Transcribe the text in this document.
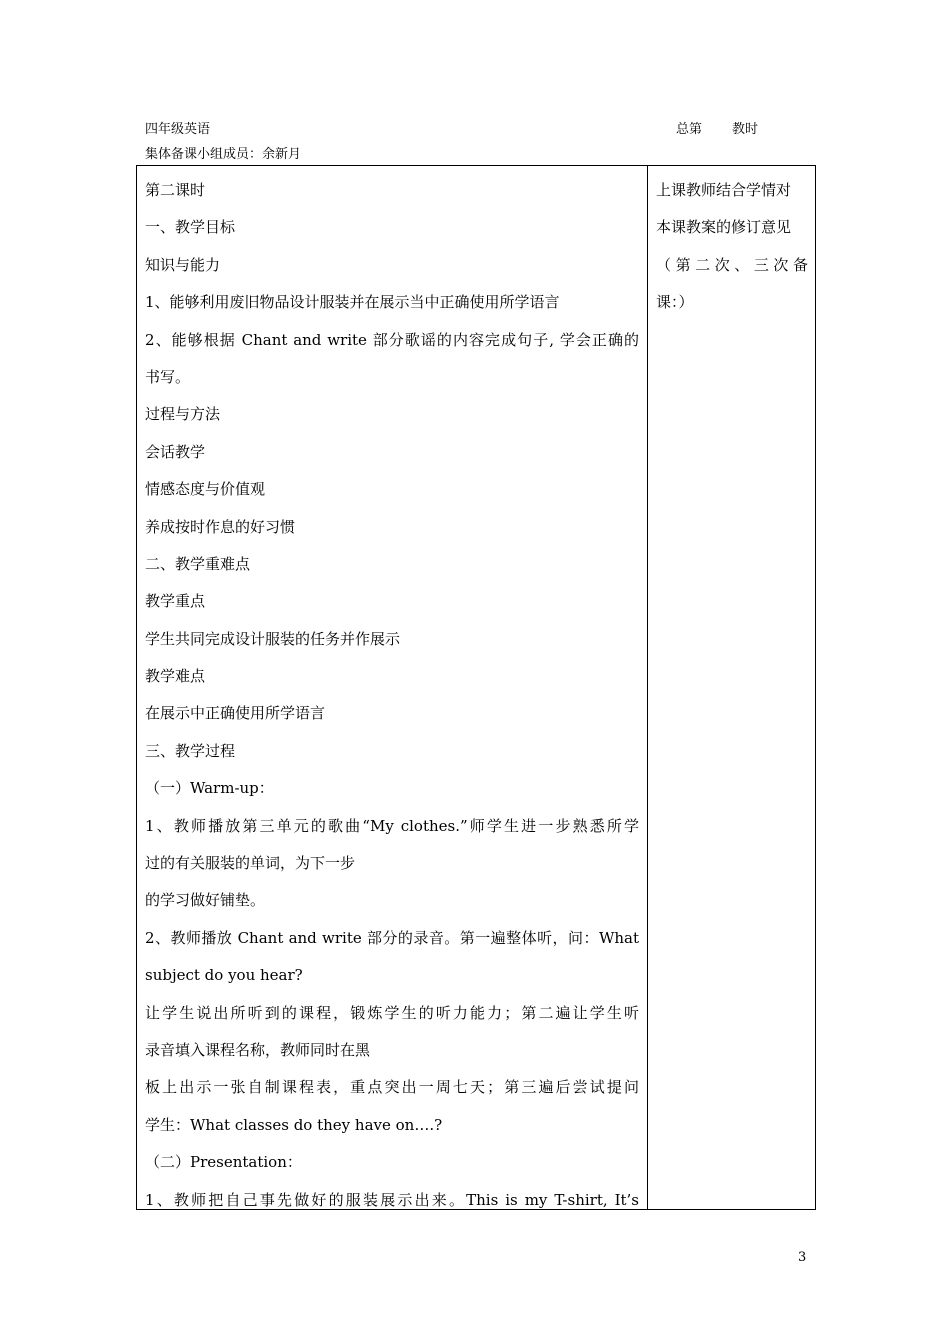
四年级英语
集体备课小组成员：余新月
总第 教时
第二课时
一、教学目标
知识与能力
1、能够利用废旧物品设计服装并在展示当中正确使用所学语言
2、能够根据 Chant and write 部分歌谣的内容完成句子, 学会正确的
书写。
过程与方法
会话教学
情感态度与价值观
养成按时作息的好习惯
二、教学重难点
教学重点
学生共同完成设计服装的任务并作展示
教学难点
在展示中正确使用所学语言
三、教学过程
（一）Warm-up：
1、教师播放第三单元的歌曲“My clothes.”师学生进一步熟悉所学
过的有关服装的单词，为下一步
的学习做好铺垫。
2、教师播放 Chant and write 部分的录音。第一遍整体听，问：What
subject do you hear?
让学生说出所听到的课程，锻炼学生的听力能力；第二遍让学生听
录音填入课程名称，教师同时在黑
板上出示一张自制课程表，重点突出一周七天；第三遍后尝试提问
学生：What classes do they have on….?
（二）Presentation：
1、教师把自己事先做好的服装展示出来。This is my T-shirt, It’s
上课教师结合学情对
本课教案的修订意见
（第二次、三次备
课：）
3
